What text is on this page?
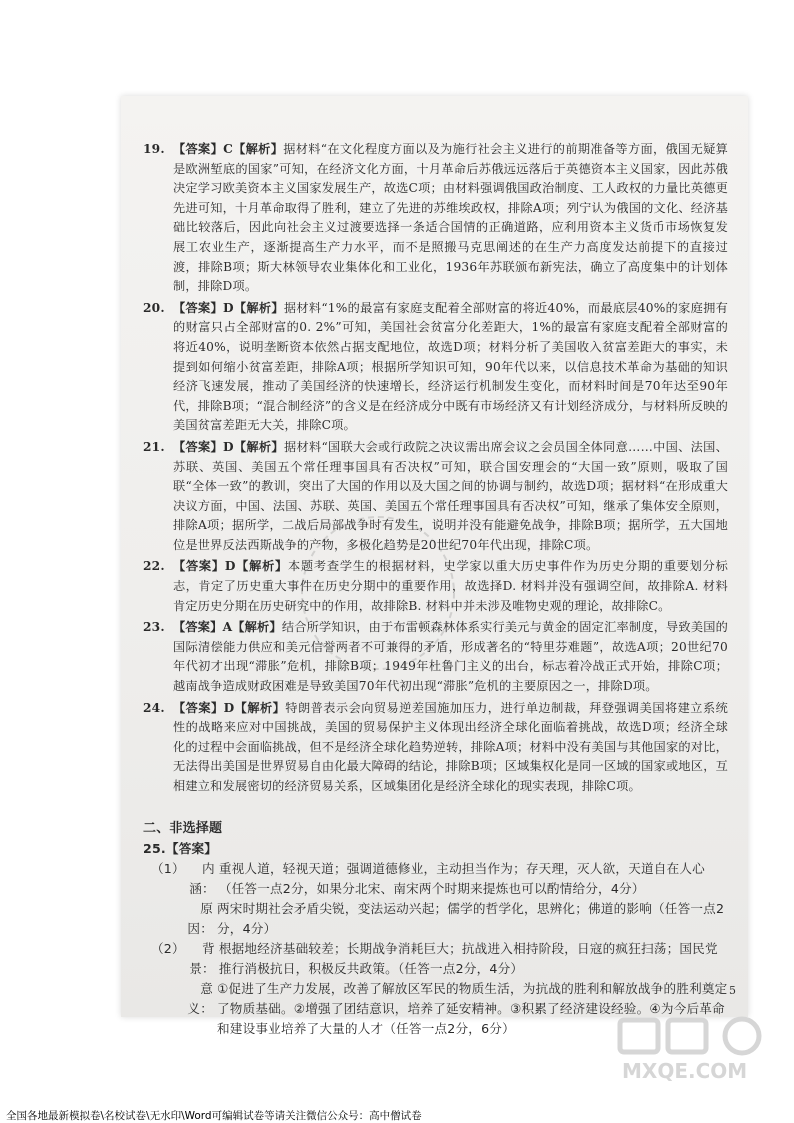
19. 【答案】C【解析】据材料“在文化程度方面以及为施行社会主义进行的前期准备等方面，俄国无疑算是欧洲堑底的国家”可知，在经济文化方面，十月革命后苏俄远远落后于英德资本主义国家，因此苏俄决定学习欧美资本主义国家发展生产，故选C项；由材料强调俄国政治制度、工人政权的力量比英德更先进可知，十月革命取得了胜利，建立了先进的苏维埃政权，排除A项；列宁认为俄国的文化、经济基础比较落后，因此向社会主义过渡要选择一条适合国情的正确道路，应利用资本主义货币市场恢复发展工农业生产，逐渐提高生产力水平，而不是照搬马克思阐述的在生产力高度发达前提下的直接过渡，排除B项；斯大林领导农业集体化和工业化，1936年苏联颁布新宪法，确立了高度集中的计划体制，排除D项。
20. 【答案】D【解析】据材料“1%的最富有家庭支配着全部财富的将近40%，而最底层40%的家庭拥有的财富只占全部财富的0. 2%”可知，美国社会贫富分化差距大，1%的最富有家庭支配着全部财富的将近40%，说明垄断资本依然占据支配地位，故选D项；材料分析了美国收入贫富差距大的事实，未提到如何缩小贫富差距，排除A项；根据所学知识可知，90年代以来，以信息技术革命为基础的知识经济飞速发展，推动了美国经济的快速增长，经济运行机制发生变化，而材料时间是70年达至90年代，排除B项；“混合制经济”的含义是在经济成分中既有市场经济又有计划经济成分，与材料所反映的美国贫富差距无大关，排除C项。
21. 【答案】D【解析】据材料“国联大会或行政院之决议需出席会议之会员国全体同意……中国、法国、苏联、英国、美国五个常任理事国具有否决权”可知，联合国安理会的“大国一致”原则，吸取了国联“全体一致”的教训，突出了大国的作用以及大国之间的协调与制约，故选D项；据材料“在形成重大决议方面，中国、法国、苏联、英国、美国五个常任理事国具有否决权”可知，继承了集体安全原则，排除A项；据所学，二战后局部战争时有发生，说明并没有能避免战争，排除B项；据所学，五大国地位是世界反法西斯战争的产物，多极化趋势是20世纪70年代出现，排除C项。
22. 【答案】D【解析】本题考查学生的根据材料，史学家以重大历史事件作为历史分期的重要划分标志，肯定了历史重大事件在历史分期中的重要作用，故选择D. 材料并没有强调空间，故排除A. 材料肯定历史分期在历史研究中的作用，故排除B. 材料中并未涉及唯物史观的理论，故排除C。
23. 【答案】A【解析】结合所学知识，由于布雷顿森林体系实行美元与黄金的固定汇率制度，导致美国的国际清偿能力供应和美元信誉两者不可兼得的矛盾，形成著名的“特里芬难题”，故选A项；20世纪70年代初才出现“滞胀”危机，排除B项；1949年杜鲁门主义的出台，标志着冷战正式开始，排除C项；越南战争造成财政困难是导致美国70年代初出现“滞胀”危机的主要原因之一，排除D项。
24. 【答案】D【解析】特朗普表示会向贸易逆差国施加压力，进行单边制裁，拜登强调美国将建立系统性的战略来应对中国挑战，美国的贸易保护主义体现出经济全球化面临着挑战，故选D项；经济全球化的过程中会面临挑战，但不是经济全球化趋势逆转，排除A项；材料中没有美国与其他国家的对比，无法得出美国是世界贸易自由化最大障碍的结论，排除B项；区域集权化是同一区域的国家或地区，互相建立和发展密切的经济贸易关系，区域集团化是经济全球化的现实表现，排除C项。
二、非选择题
25.【答案】
（1）	内涵：
重视人道，轻视天道；强调道德修业，主动担当作为；存天理，灭人欲，天道自在人心（任答一点2分，如果分北宋、南宋两个时期来提炼也可以酌情给分，4分）
原因：
两宋时期社会矛盾尖锐，变法运动兴起；儒学的哲学化，思辨化；佛道的影响（任答一点2分，4分）
（2）	背景：
根据地经济基础较差；长期战争消耗巨大；抗战进入相持阶段，日寇的疯狂扫荡；国民党推行消极抗日，积极反共政策。（任答一点2分，4分）
意义：
①促进了生产力发展，改善了解放区军民的物质生活，为抗战的胜利和解放战争的胜利奠定了物质基础。②增强了团结意识，培养了延安精神。③积累了经济建设经验。④为今后革命和建设事业培养了大量的人才（任答一点2分，6分）
5
MXQE.COM
全国各地最新模拟卷\名校试卷\无水印\Word可编辑试卷等请关注微信公众号：高中僧试卷
